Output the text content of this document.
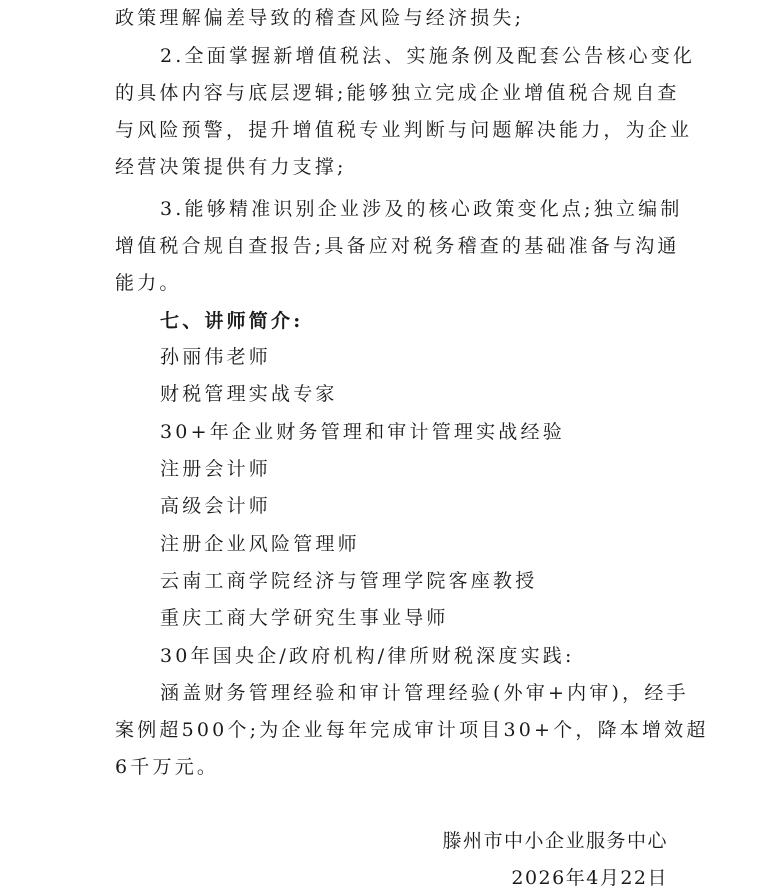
政策理解偏差导致的稽查风险与经济损失;
2.全面掌握新增值税法、实施条例及配套公告核心变化
的具体内容与底层逻辑;能够独立完成企业增值税合规自查
与风险预警，提升增值税专业判断与问题解决能力，为企业
经营决策提供有力支撑;
3.能够精准识别企业涉及的核心政策变化点;独立编制
增值税合规自查报告;具备应对税务稽查的基础准备与沟通
能力。
七、讲师简介:
孙丽伟老师
财税管理实战专家
30+年企业财务管理和审计管理实战经验
注册会计师
高级会计师
注册企业风险管理师
云南工商学院经济与管理学院客座教授
重庆工商大学研究生事业导师
30年国央企/政府机构/律所财税深度实践:
涵盖财务管理经验和审计管理经验(外审+内审)，经手
案例超500个;为企业每年完成审计项目30+个，降本增效超
6千万元。
滕州市中小企业服务中心
2026年4月22日
